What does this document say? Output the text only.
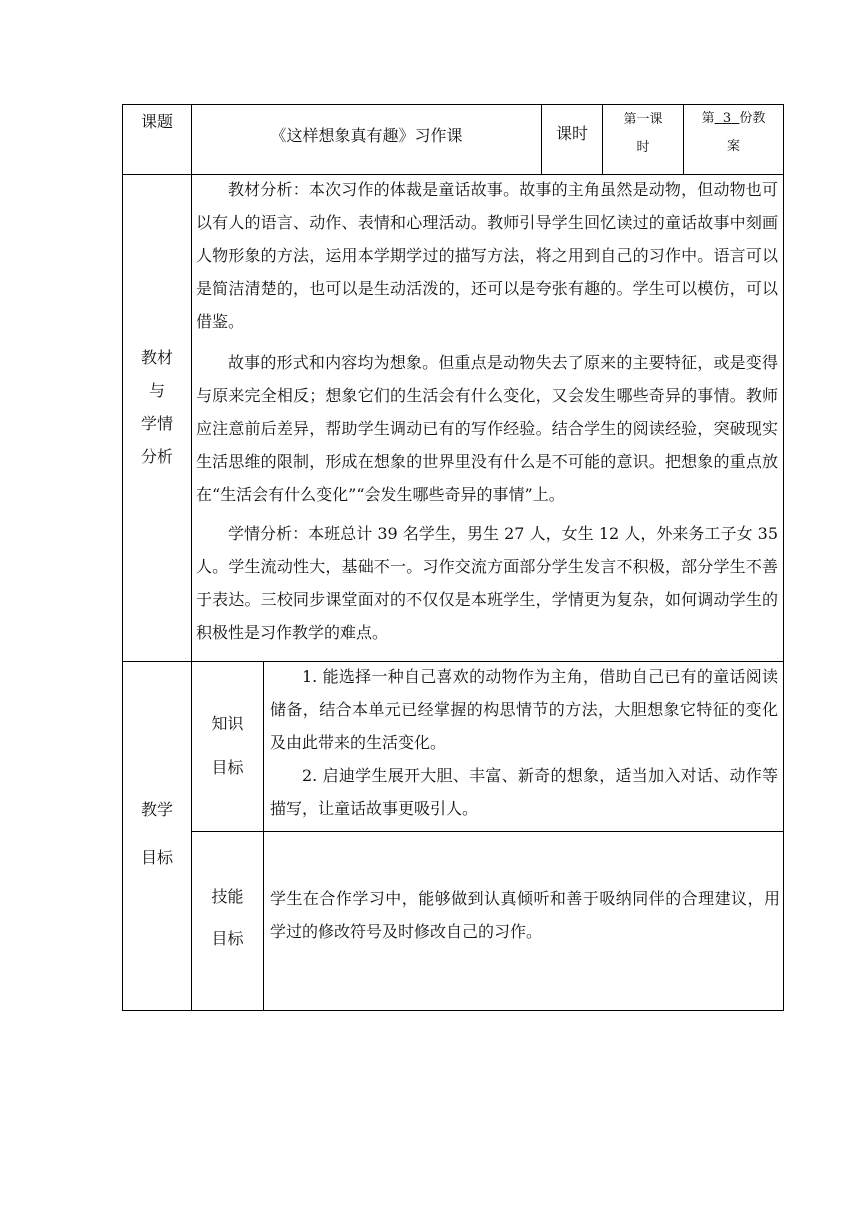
课题
《这样想象真有趣》习作课	课时
第一课
时
第 3 份教
案
教材
与
学情
分析

教材分析：本次习作的体裁是童话故事。故事的主角虽然是动物，但动物也可以有人的语言、动作、表情和心理活动。教师引导学生回忆读过的童话故事中刻画人物形象的方法，运用本学期学过的描写方法，将之用到自己的习作中。语言可以是简洁清楚的，也可以是生动活泼的，还可以是夸张有趣的。学生可以模仿，可以借鉴。

故事的形式和内容均为想象。但重点是动物失去了原来的主要特征，或是变得与原来完全相反；想象它们的生活会有什么变化，又会发生哪些奇异的事情。教师应注意前后差异，帮助学生调动已有的写作经验。结合学生的阅读经验，突破现实生活思维的限制，形成在想象的世界里没有什么是不可能的意识。把想象的重点放在“生活会有什么变化”“会发生哪些奇异的事情”上。

学情分析：本班总计 39 名学生，男生 27 人，女生 12 人，外来务工子女 35 人。学生流动性大，基础不一。习作交流方面部分学生发言不积极，部分学生不善于表达。三校同步课堂面对的不仅仅是本班学生，学情更为复杂，如何调动学生的积极性是习作教学的难点。

教学
目标
知识
目标

1. 能选择一种自己喜欢的动物作为主角，借助自己已有的童话阅读储备，结合本单元已经掌握的构思情节的方法，大胆想象它特征的变化及由此带来的生活变化。

2. 启迪学生展开大胆、丰富、新奇的想象，适当加入对话、动作等描写，让童话故事更吸引人。

技能
目标

学生在合作学习中，能够做到认真倾听和善于吸纳同伴的合理建议，用学过的修改符号及时修改自己的习作。
